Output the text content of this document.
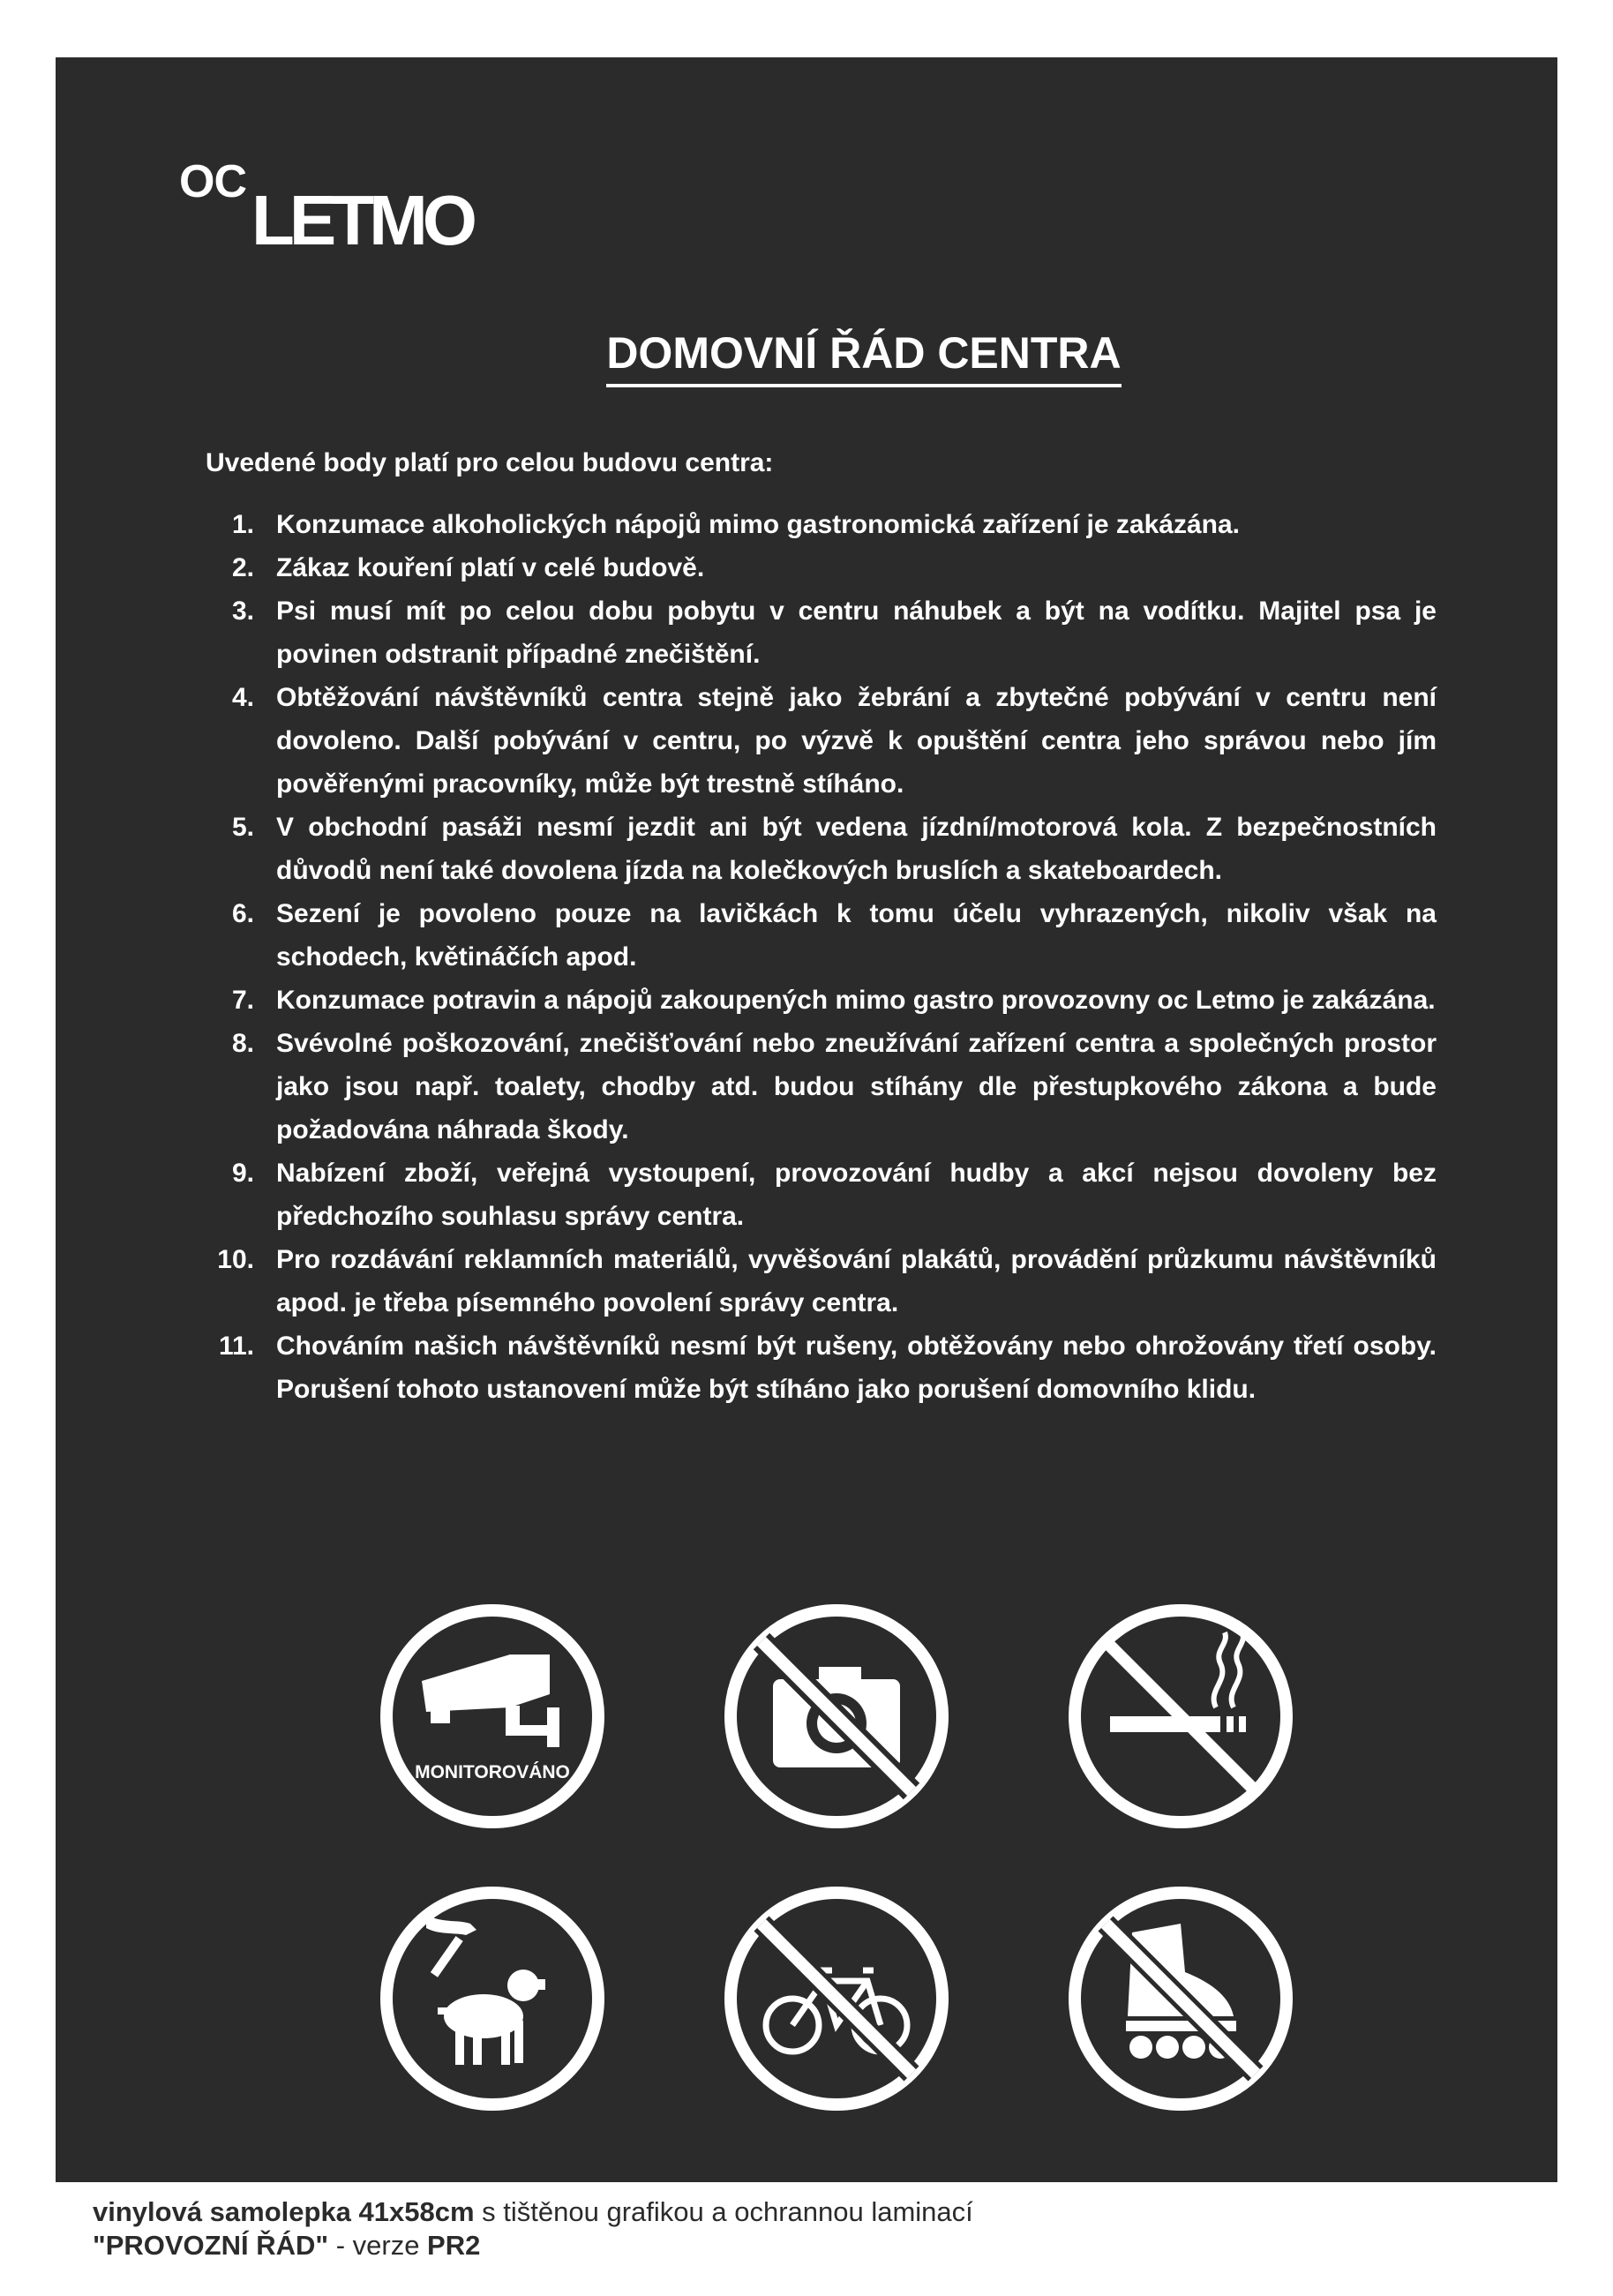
OC LETMO
DOMOVNÍ ŘÁD CENTRA
Uvedené body platí pro celou budovu centra:
1. Konzumace alkoholických nápojů mimo gastronomická zařízení je zakázána.
2. Zákaz kouření platí v celé budově.
3. Psi musí mít po celou dobu pobytu v centru náhubek a být na vodítku. Majitel psa je povinen odstranit případné znečištění.
4. Obtěžování návštěvníků centra stejně jako žebrání a zbytečné pobývání v centru není dovoleno. Další pobývání v centru, po výzvě k opuštění centra jeho správou nebo jím pověřenými pracovníky, může být trestně stíháno.
5. V obchodní pasáži nesmí jezdit ani být vedena jízdní/motorová kola. Z bezpečnostních důvodů není také dovolena jízda na kolečkových bruslích a skateboardech.
6. Sezení je povoleno pouze na lavičkách k tomu účelu vyhrazených, nikoliv však na schodech, květináčích apod.
7. Konzumace potravin a nápojů zakoupených mimo gastro provozovny oc Letmo je zakázána.
8. Svévolné poškozování, znečišťování nebo zneužívání zařízení centra a společných prostor jako jsou např. toalety, chodby atd. budou stíhány dle přestupkového zákona a bude požadována náhrada škody.
9. Nabízení zboží, veřejná vystoupení, provozování hudby a akcí nejsou dovoleny bez předchozího souhlasu správy centra.
10. Pro rozdávání reklamních materiálů, vyvěšování plakátů, provádění průzkumu návštěvníků apod. je třeba písemného povolení správy centra.
11. Chováním našich návštěvníků nesmí být rušeny, obtěžovány nebo ohrožovány třetí osoby. Porušení tohoto ustanovení může být stíháno jako porušení domovního klidu.
MONITOROVÁNO
vinylová samolepka 41x58cm s tištěnou grafikou a ochrannou laminací
"PROVOZNÍ ŘÁD" - verze PR2
